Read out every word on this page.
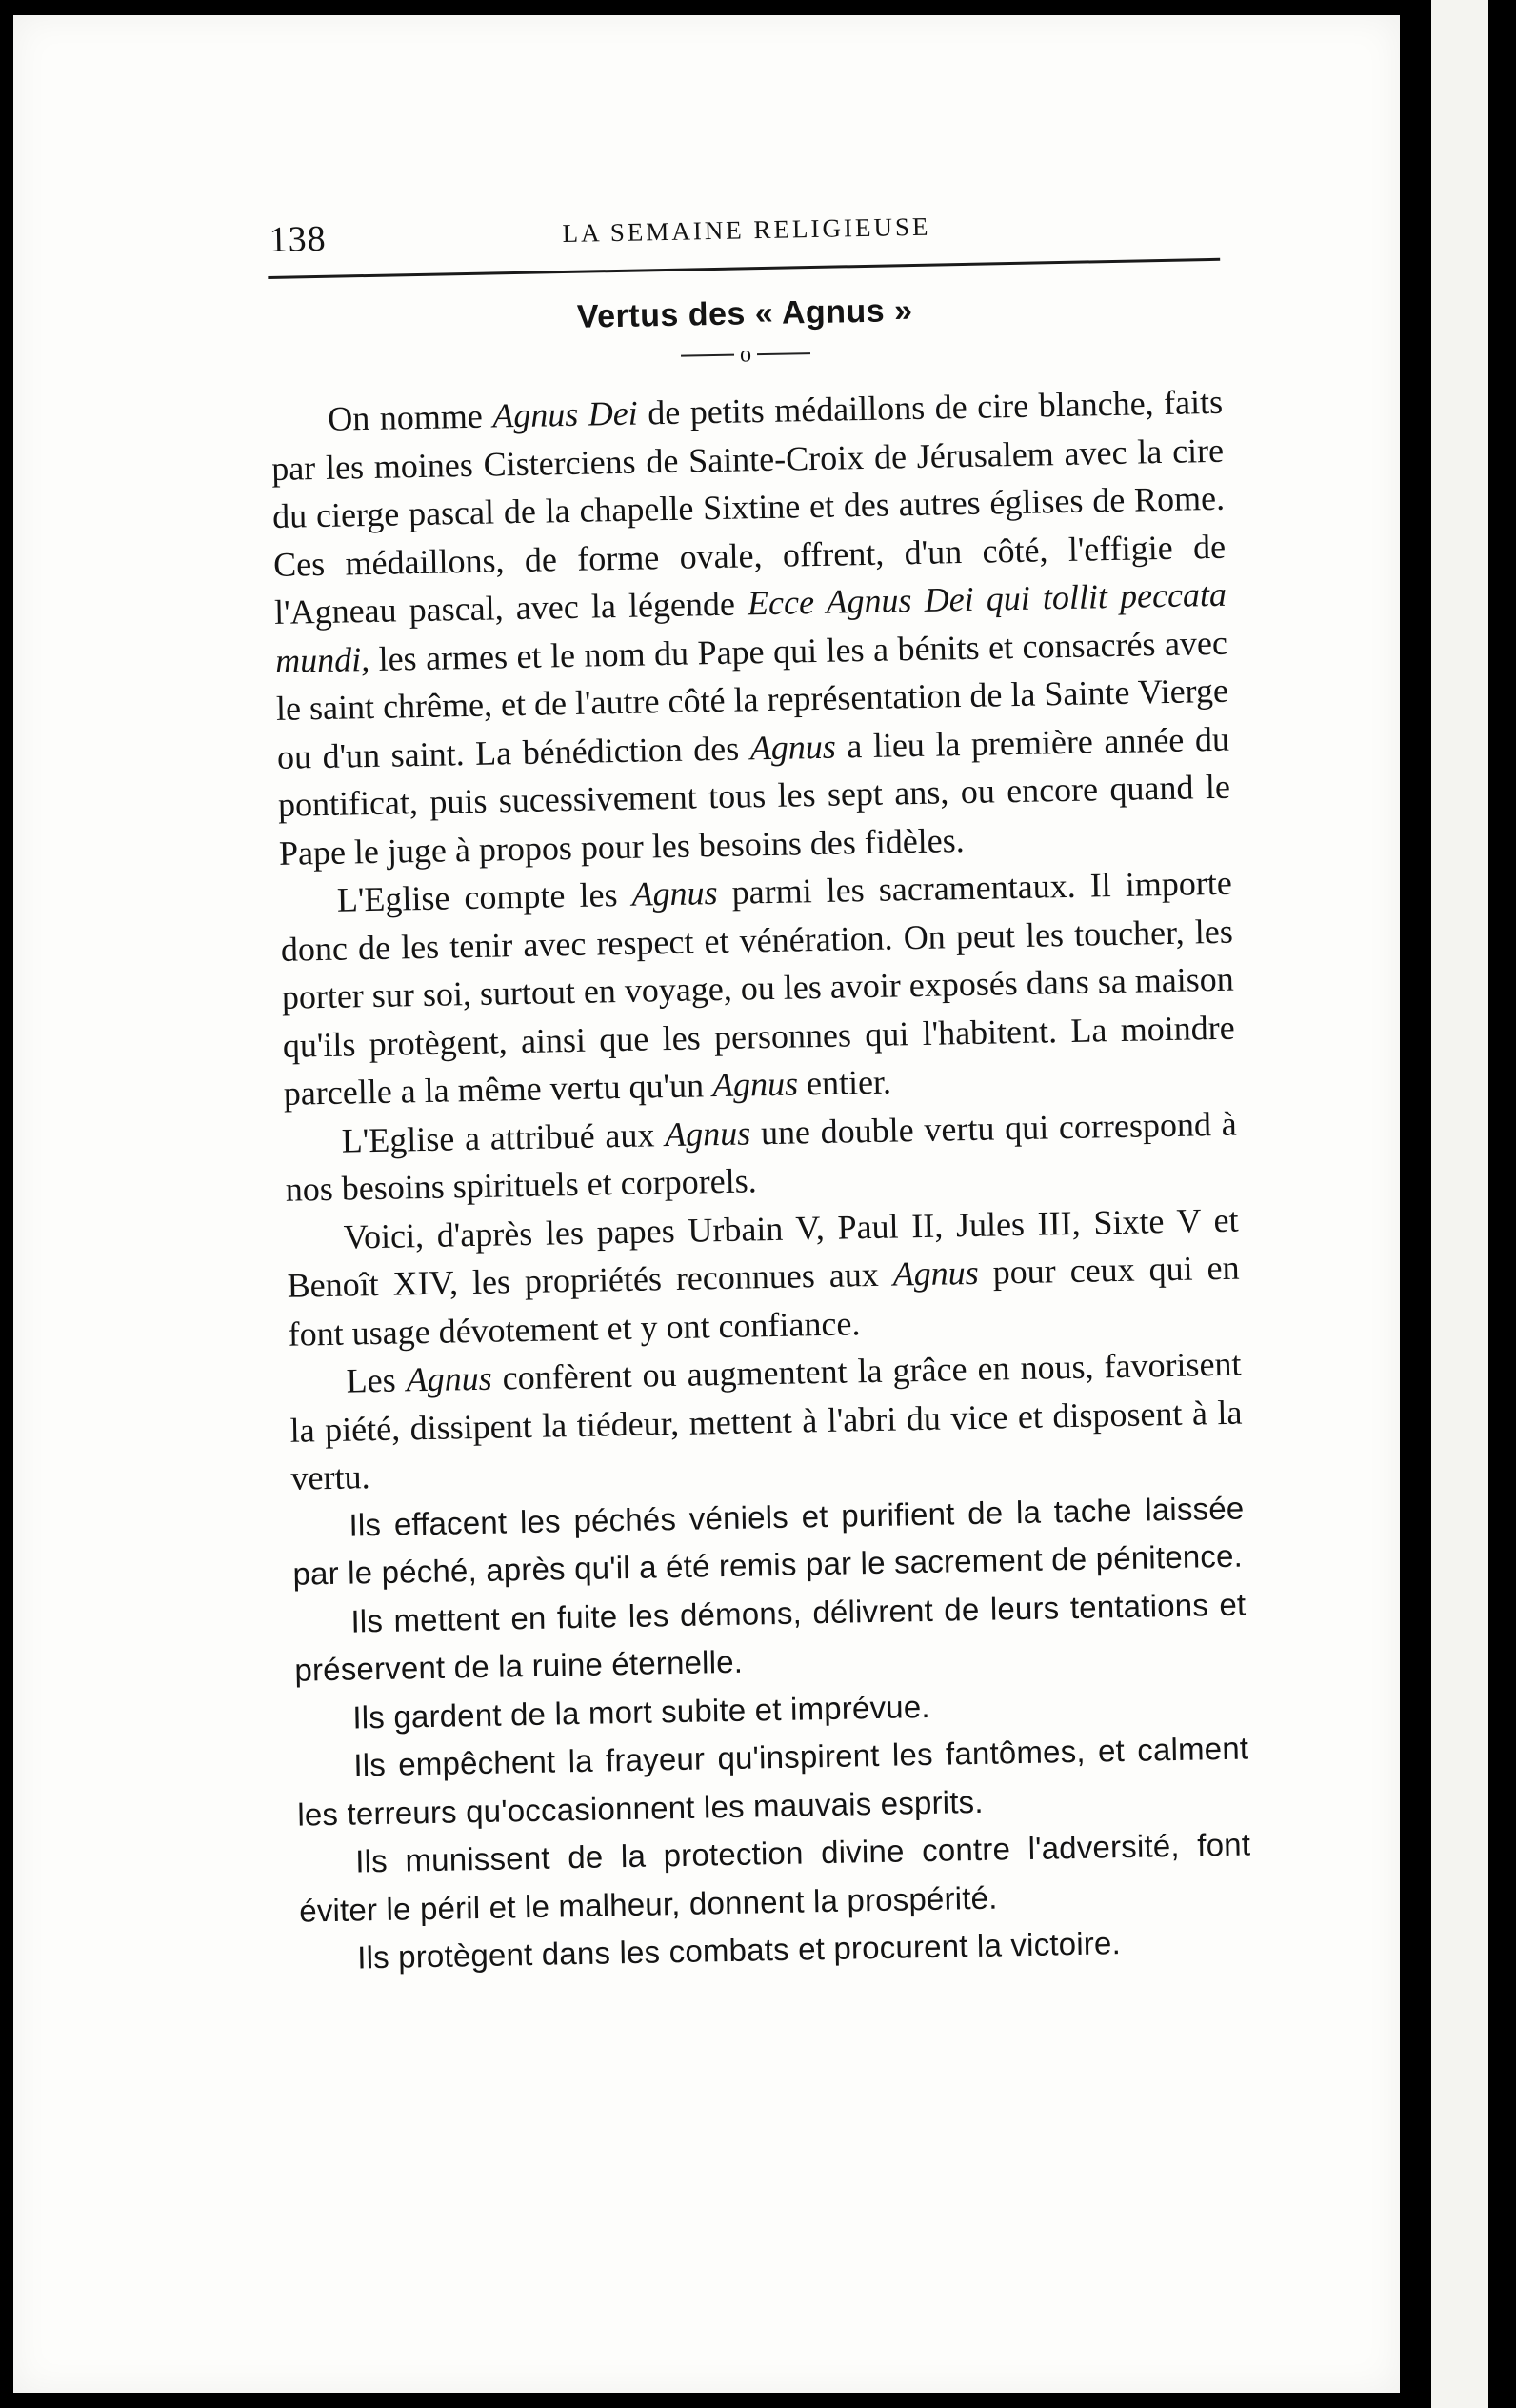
138	LA SEMAINE RELIGIEUSE
Vertus des « Agnus »
o

On nomme Agnus Dei de petits médaillons de cire blanche, faits par les moines Cisterciens de Sainte-Croix de Jérusalem avec la cire du cierge pascal de la chapelle Sixtine et des autres églises de Rome. Ces médaillons, de forme ovale, offrent, d'un côté, l'effigie de l'Agneau pascal, avec la légende Ecce Agnus Dei qui tollit peccata mundi, les armes et le nom du Pape qui les a bénits et consacrés avec le saint chrême, et de l'autre côté la représentation de la Sainte Vierge ou d'un saint. La bénédiction des Agnus a lieu la première année du pontificat, puis sucessivement tous les sept ans, ou encore quand le Pape le juge à propos pour les besoins des fidèles.

L'Eglise compte les Agnus parmi les sacramentaux. Il importe donc de les tenir avec respect et vénération. On peut les toucher, les porter sur soi, surtout en voyage, ou les avoir exposés dans sa maison qu'ils protègent, ainsi que les personnes qui l'habitent. La moindre parcelle a la même vertu qu'un Agnus entier.

L'Eglise a attribué aux Agnus une double vertu qui correspond à nos besoins spirituels et corporels.

Voici, d'après les papes Urbain V, Paul II, Jules III, Sixte V et Benoît XIV, les propriétés reconnues aux Agnus pour ceux qui en font usage dévotement et y ont confiance.

Les Agnus confèrent ou augmentent la grâce en nous, favorisent la piété, dissipent la tiédeur, mettent à l'abri du vice et disposent à la vertu.

Ils effacent les péchés véniels et purifient de la tache laissée par le péché, après qu'il a été remis par le sacrement de pénitence.

Ils mettent en fuite les démons, délivrent de leurs tentations et préservent de la ruine éternelle.

Ils gardent de la mort subite et imprévue.

Ils empêchent la frayeur qu'inspirent les fantômes, et calment les terreurs qu'occasionnent les mauvais esprits.

Ils munissent de la protection divine contre l'adversité, font éviter le péril et le malheur, donnent la prospérité.

Ils protègent dans les combats et procurent la victoire.
